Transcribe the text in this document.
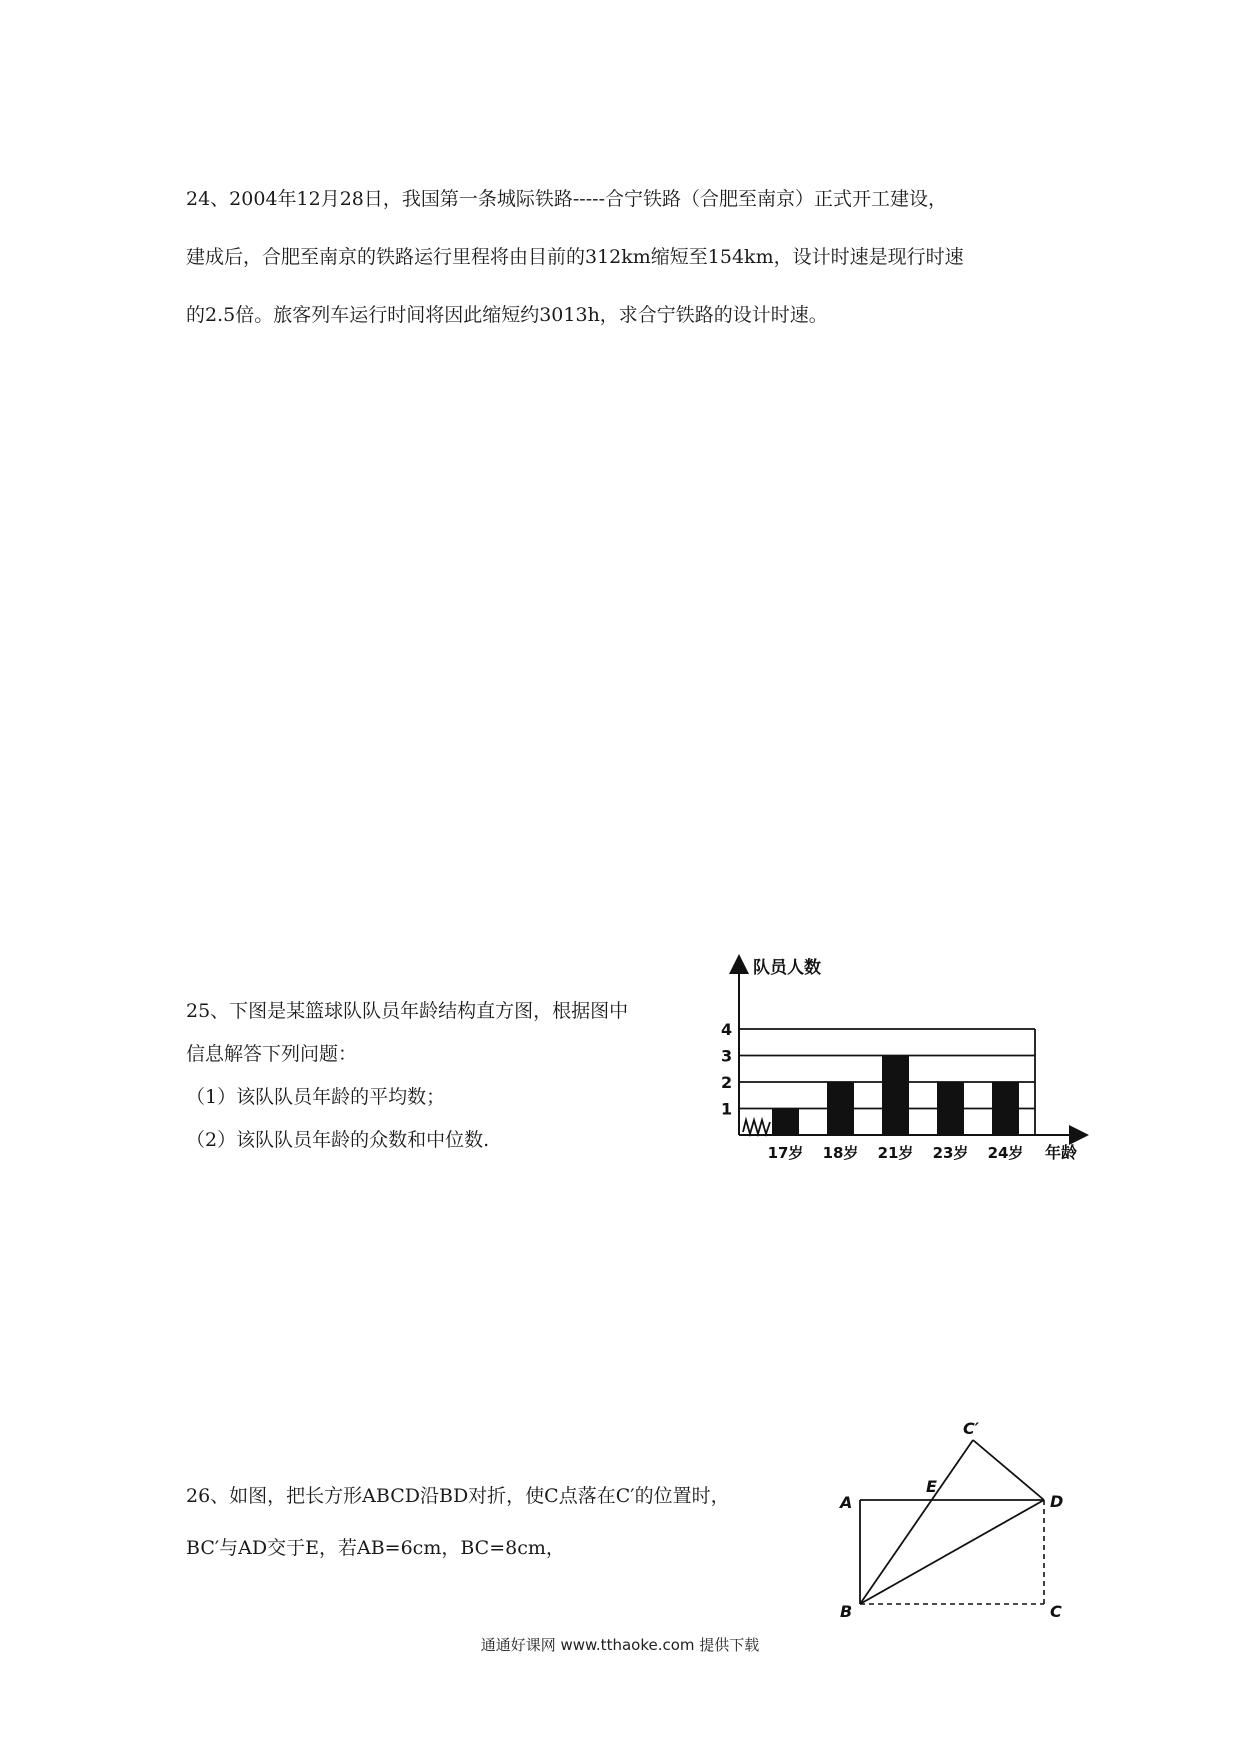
24、2004年12月28日，我国第一条城际铁路-----合宁铁路（合肥至南京）正式开工建设，
建成后，合肥至南京的铁路运行里程将由目前的312km缩短至154km，设计时速是现行时速
的2.5倍。旅客列车运行时间将因此缩短约3013h，求合宁铁路的设计时速。
25、下图是某篮球队队员年龄结构直方图，根据图中
信息解答下列问题：
（1）该队队员年龄的平均数；
（2）该队队员年龄的众数和中位数.
1
2
3
4
17岁 18岁 21岁 23岁 24岁
队员人数
年龄
26、如图，把长方形ABCD沿BD对折，使C点落在C′的位置时，
BC′与AD交于E，若AB=6cm，BC=8cm，
A
B	C
D
E
C′
通通好课网 www.tthaoke.com 提供下载
